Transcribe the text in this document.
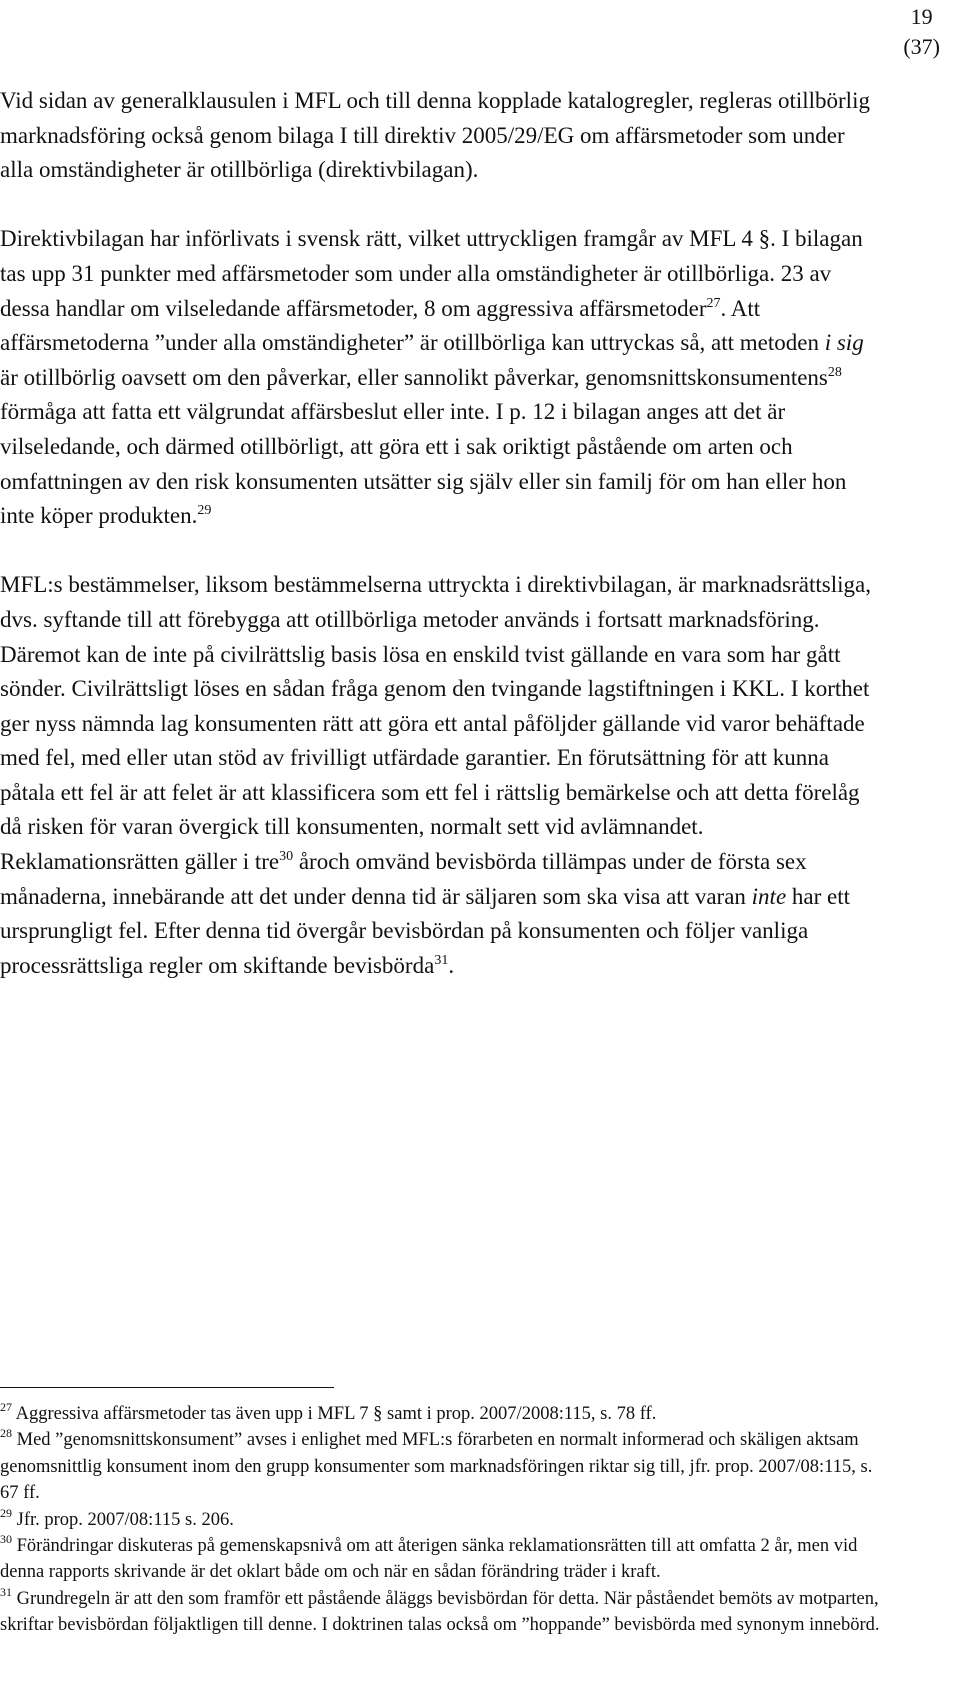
19
(37)

Vid sidan av generalklausulen i MFL och till denna kopplade katalogregler, regleras otillbörlig marknadsföring också genom bilaga I till direktiv 2005/29/EG om affärsmetoder som under alla omständigheter är otillbörliga (direktivbilagan).

Direktivbilagan har införlivats i svensk rätt, vilket uttryckligen framgår av MFL 4 §. I bilagan tas upp 31 punkter med affärsmetoder som under alla omständigheter är otillbörliga. 23 av dessa handlar om vilseledande affärsmetoder, 8 om aggressiva affärsmetoder$^{27}$. Att affärsmetoderna ”under alla omständigheter” är otillbörliga kan uttryckas så, att metoden i sig är otillbörlig oavsett om den påverkar, eller sannolikt påverkar, genomsnittskonsumentens$^{28}$ förmåga att fatta ett välgrundat affärsbeslut eller inte. I p. 12 i bilagan anges att det är vilseledande, och därmed otillbörligt, att göra ett i sak oriktigt påstående om arten och omfattningen av den risk konsumenten utsätter sig själv eller sin familj för om han eller hon inte köper produkten.$^{29}$

MFL:s bestämmelser, liksom bestämmelserna uttryckta i direktivbilagan, är marknadsrättsliga, dvs. syftande till att förebygga att otillbörliga metoder används i fortsatt marknadsföring. Däremot kan de inte på civilrättslig basis lösa en enskild tvist gällande en vara som har gått sönder. Civilrättsligt löses en sådan fråga genom den tvingande lagstiftningen i KKL. I korthet ger nyss nämnda lag konsumenten rätt att göra ett antal påföljder gällande vid varor behäftade med fel, med eller utan stöd av frivilligt utfärdade garantier. En förutsättning för att kunna påtala ett fel är att felet är att klassificera som ett fel i rättslig bemärkelse och att detta förelåg då risken för varan övergick till konsumenten, normalt sett vid avlämnandet. Reklamationsrätten gäller i tre$^{30}$ åroch omvänd bevisbörda tillämpas under de första sex månaderna, innebärande att det under denna tid är säljaren som ska visa att varan inte har ett ursprungligt fel. Efter denna tid övergår bevisbördan på konsumenten och följer vanliga processrättsliga regler om skiftande bevisbörda$^{31}$.

$^{27}$ Aggressiva affärsmetoder tas även upp i MFL 7 § samt i prop. 2007/2008:115, s. 78 ff.

$^{28}$ Med ”genomsnittskonsument” avses i enlighet med MFL:s förarbeten en normalt informerad och skäligen aktsam genomsnittlig konsument inom den grupp konsumenter som marknadsföringen riktar sig till, jfr. prop. 2007/08:115, s. 67 ff.

$^{29}$ Jfr. prop. 2007/08:115 s. 206.

$^{30}$ Förändringar diskuteras på gemenskapsnivå om att återigen sänka reklamationsrätten till att omfatta 2 år, men vid denna rapports skrivande är det oklart både om och när en sådan förändring träder i kraft.

$^{31}$ Grundregeln är att den som framför ett påstående åläggs bevisbördan för detta. När påståendet bemöts av motparten, skriftar bevisbördan följaktligen till denne. I doktrinen talas också om ”hoppande” bevisbörda med synonym innebörd.
